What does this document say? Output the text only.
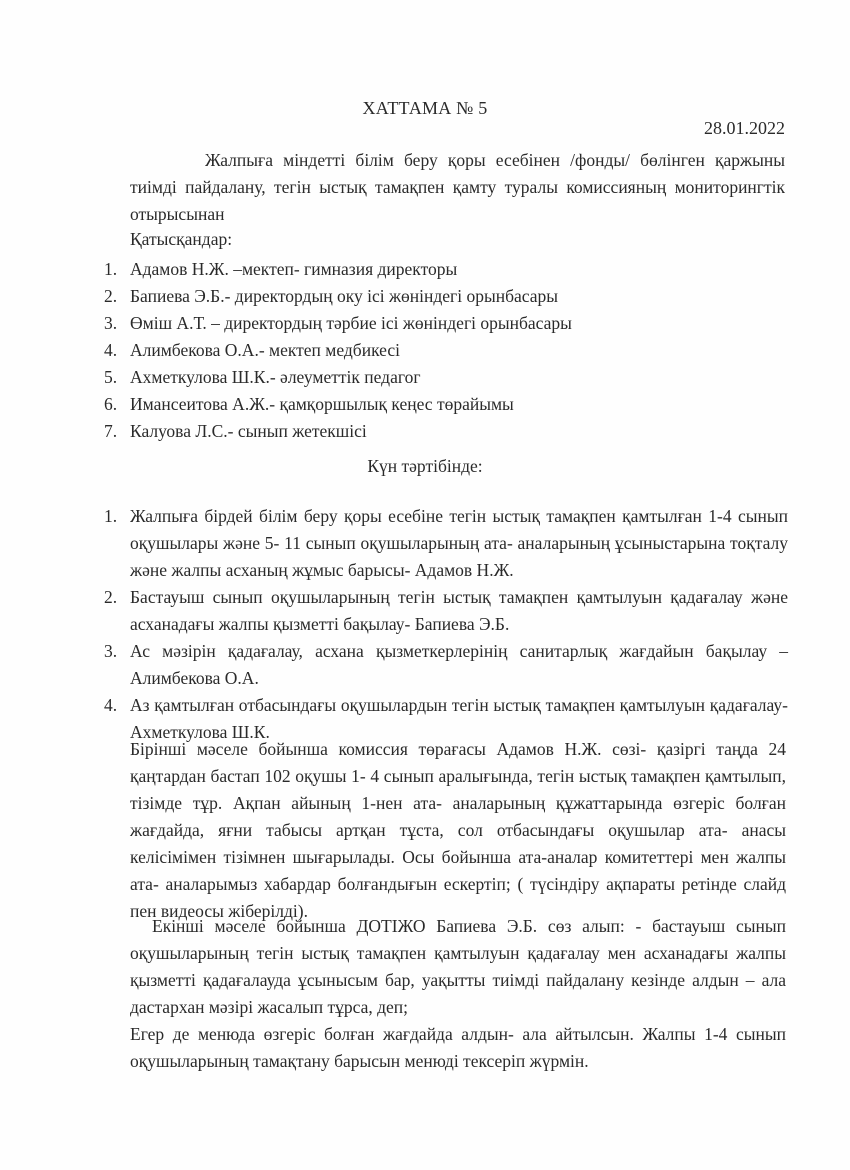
ХАТТАМА № 5
28.01.2022
Жалпыға міндетті білім беру қоры есебінен /фонды/ бөлінген қаржыны тиімді пайдалану, тегін ыстық тамақпен қамту туралы комиссияның мониторингтік отырысынан
Қатысқандар:
1. Адамов Н.Ж. –мектеп- гимназия директоры
2. Бапиева Э.Б.- директордың оку ісі жөніндегі орынбасары
3. Өміш А.Т. – директордың тәрбие ісі жөніндегі орынбасары
4. Алимбекова О.А.- мектеп медбикесі
5. Ахметкулова Ш.К.- әлеуметтік педагог
6. Имансеитова А.Ж.- қамқоршылық кеңес төрайымы
7. Калуова Л.С.- сынып жетекшісі
Күн тәртібінде:
1. Жалпыға бірдей білім беру қоры есебіне тегін ыстық тамақпен қамтылған 1-4 сынып оқушылары және 5- 11 сынып оқушыларының ата- аналарының ұсыныстарына тоқталу және жалпы асханың жұмыс барысы- Адамов Н.Ж.
2. Бастауыш сынып оқушыларының тегін ыстық тамақпен қамтылуын қадағалау және асханадағы жалпы қызметті бақылау- Бапиева Э.Б.
3. Ас мәзірін қадағалау, асхана қызметкерлерінің санитарлық жағдайын бақылау – Алимбекова О.А.
4. Аз қамтылған отбасындағы оқушылардын тегін ыстық тамақпен қамтылуын қадағалау- Ахметкулова Ш.К.
Бірінші мәселе бойынша комиссия төрағасы Адамов Н.Ж. сөзі- қазіргі таңда 24 қаңтардан бастап 102 оқушы 1- 4 сынып аралығында, тегін ыстық тамақпен қамтылып, тізімде тұр. Ақпан айының 1-нен ата- аналарының құжаттарында өзгеріс болған жағдайда, яғни табысы артқан тұста, сол отбасындағы оқушылар ата- анасы келісімімен тізімнен шығарылады. Осы бойынша ата-аналар комитеттері мен жалпы ата- аналарымыз хабардар болғандығын ескертіп; ( түсіндіру ақпараты ретінде слайд пен видеосы жіберілді).
Екінші мәселе бойынша ДОТІЖО Бапиева Э.Б. сөз алып: - бастауыш сынып оқушыларының тегін ыстық тамақпен қамтылуын қадағалау мен асханадағы жалпы қызметті қадағалауда ұсынысым бар, уақытты тиімді пайдалану кезінде алдын – ала дастархан мәзірі жасалып тұрса, деп;
Егер де менюда өзгеріс болған жағдайда алдын- ала айтылсын. Жалпы 1-4 сынып оқушыларының тамақтану барысын менюді тексеріп жүрмін.
